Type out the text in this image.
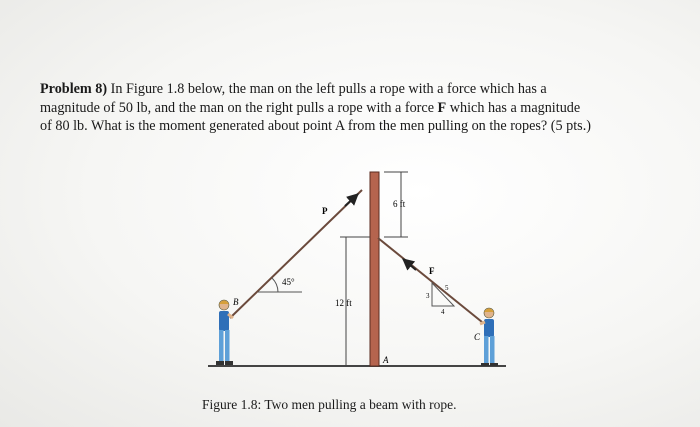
Problem 8) In Figure 1.8 below, the man on the left pulls a rope with a force which has a
magnitude of 50 lb, and the man on the right pulls a rope with a force F which has a magnitude
of 80 lb. What is the moment generated about point A from the men pulling on the ropes? (5 pts.)
45°
6 ft
12 ft
3
4
5
P
F
A
B
C
Figure 1.8: Two men pulling a beam with rope.
